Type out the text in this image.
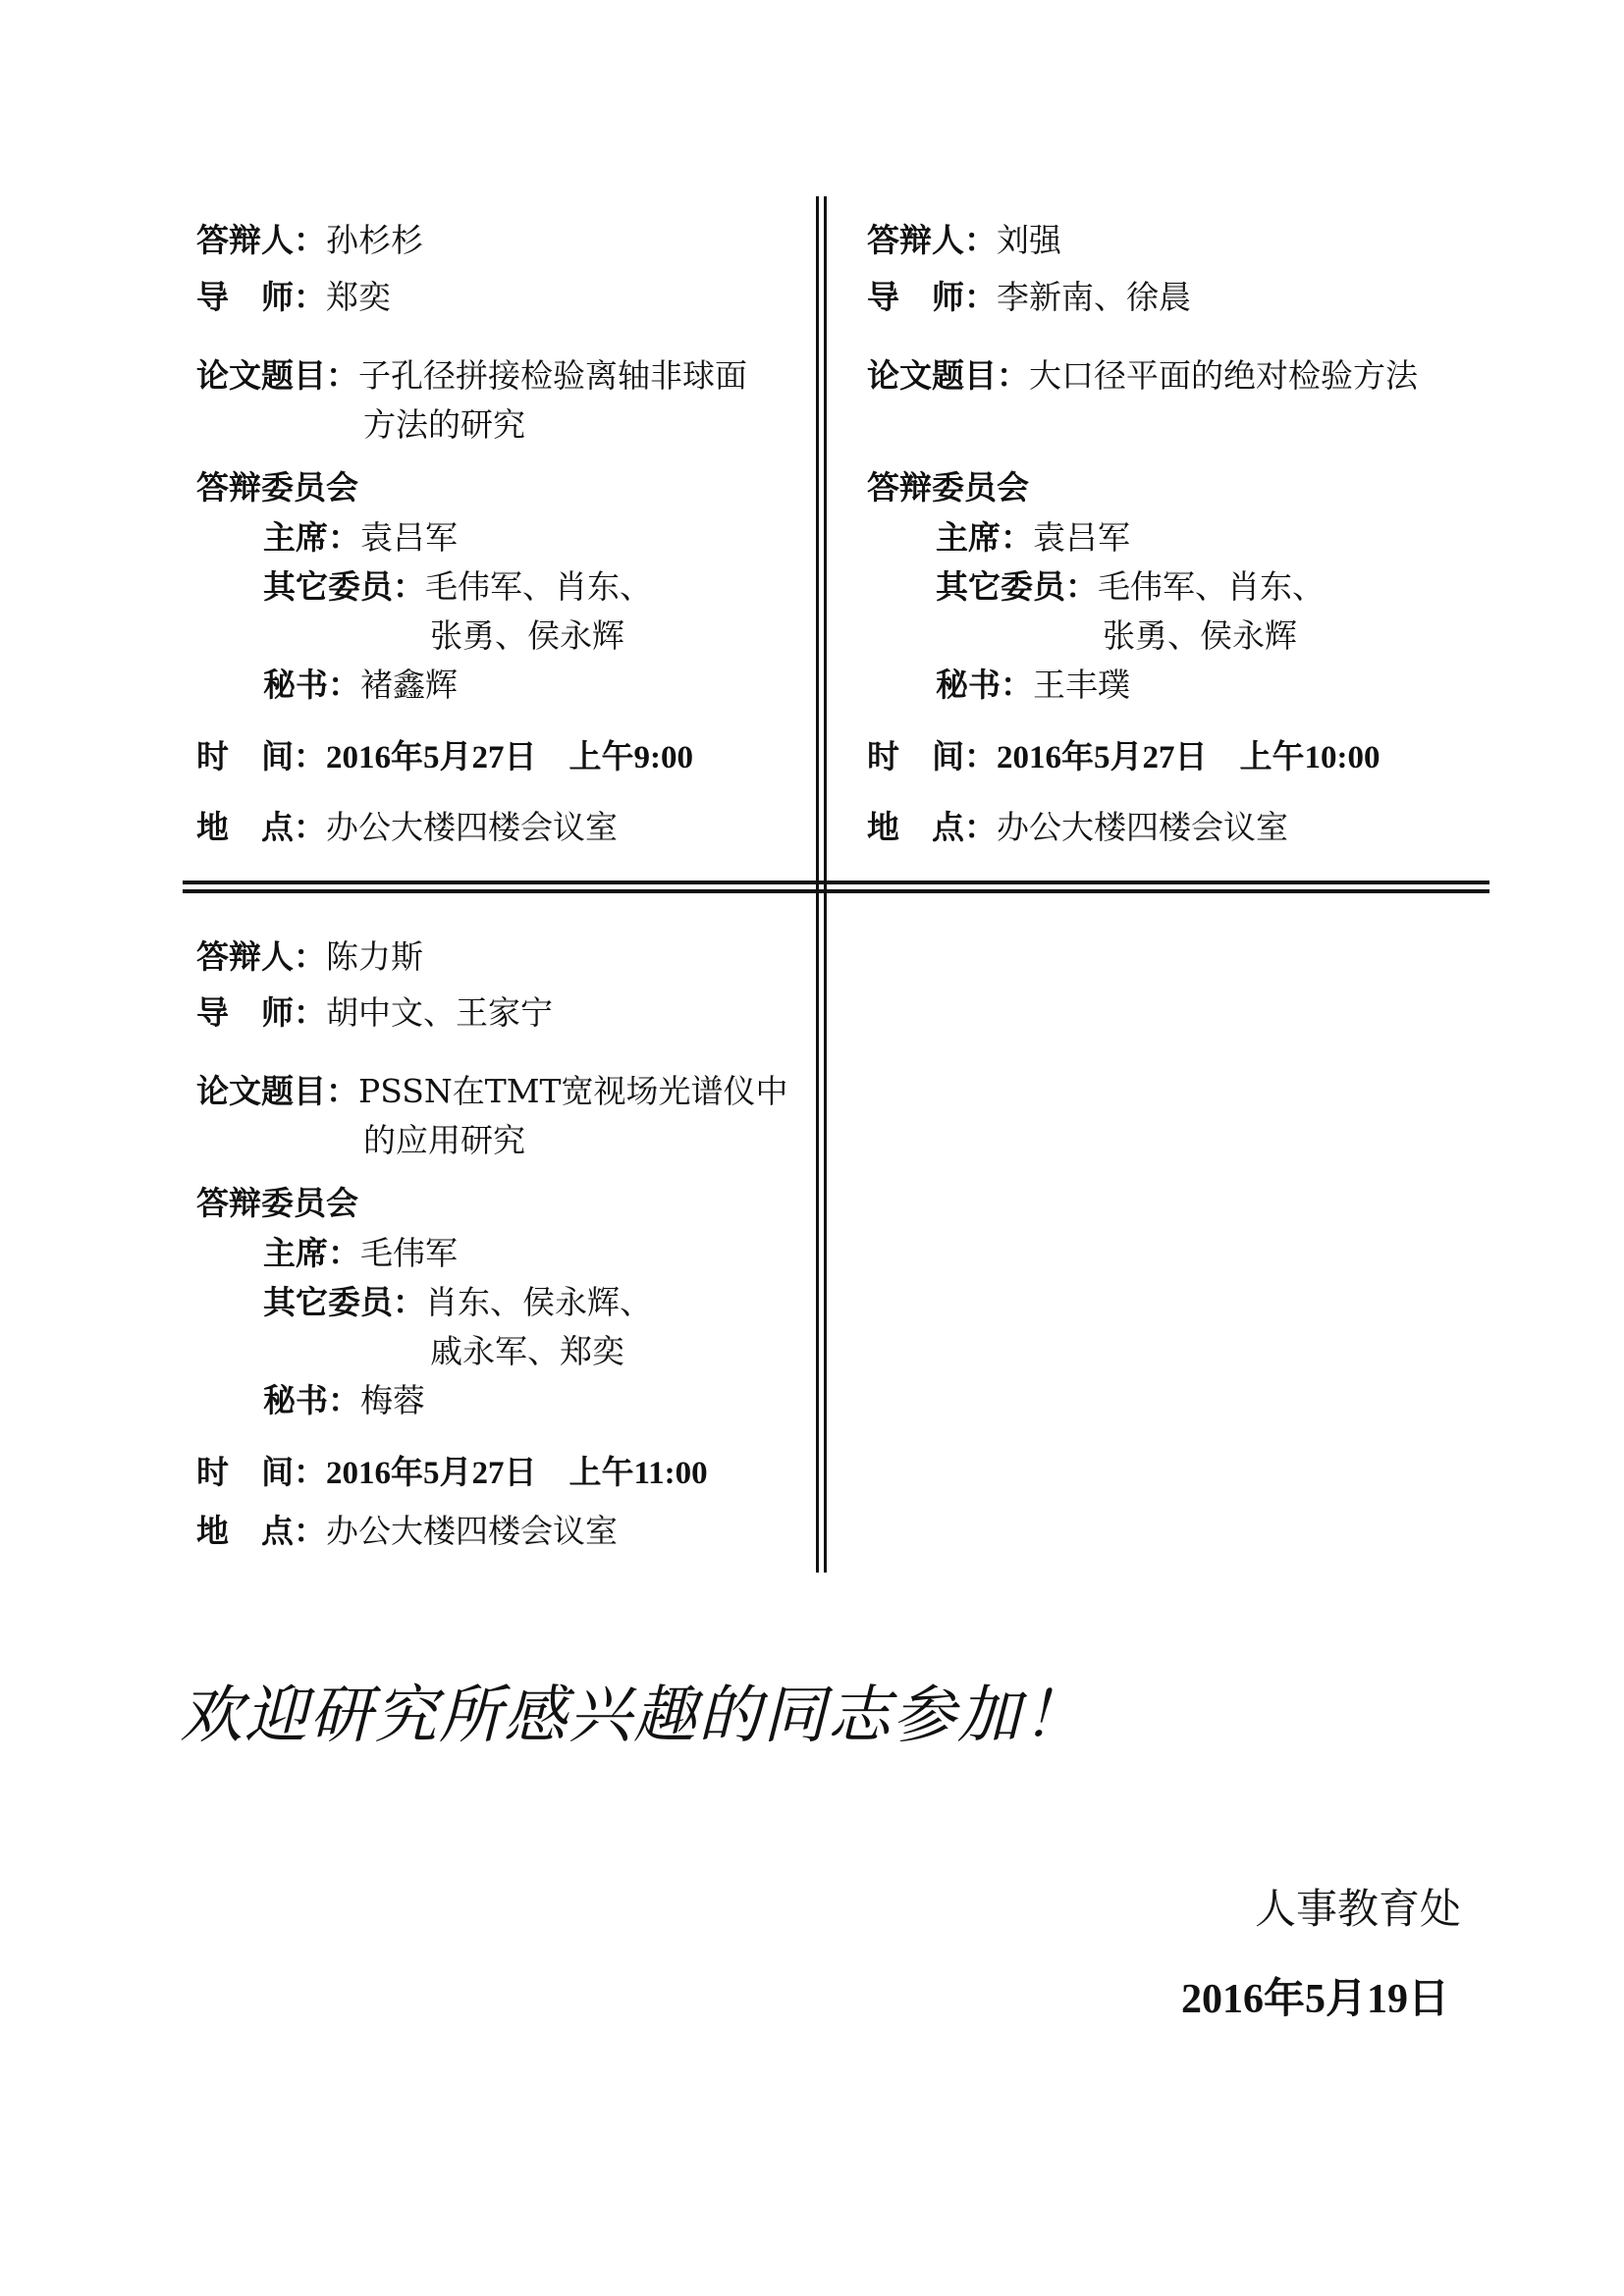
答辩人：孙杉杉
导　师：郑奕
论文题目：子孔径拼接检验离轴非球面
方法的研究
答辩委员会
主席：袁吕军
其它委员：毛伟军、肖东、
张勇、侯永辉
秘书：褚鑫辉
时　间：2016年5月27日　上午9:00
地　点：办公大楼四楼会议室
答辩人：刘强
导　师：李新南、徐晨
论文题目：大口径平面的绝对检验方法
答辩委员会
主席：袁吕军
其它委员：毛伟军、肖东、
张勇、侯永辉
秘书：王丰璞
时　间：2016年5月27日　上午10:00
地　点：办公大楼四楼会议室
答辩人：陈力斯
导　师：胡中文、王家宁
论文题目：PSSN在TMT宽视场光谱仪中
的应用研究
答辩委员会
主席：毛伟军
其它委员：肖东、侯永辉、
戚永军、郑奕
秘书：梅蓉
时　间：2016年5月27日　上午11:00
地　点：办公大楼四楼会议室
欢迎研究所感兴趣的同志参加！
人事教育处
2016年5月19日
